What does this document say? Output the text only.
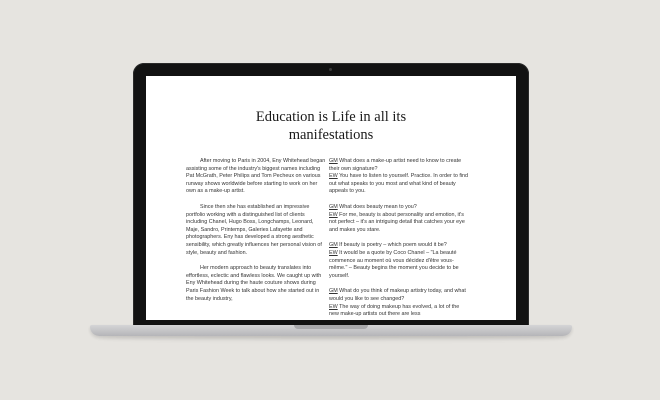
Education is Life in all its
manifestations

After moving to Paris in 2004, Eny Whitehead began assisting some of the industry's biggest names including Pat McGrath, Peter Philips and Tom Pecheux on various runway shows worldwide before starting to work on her own as a make-up artist.

Since then she has established an impressive portfolio working with a distinguished list of clients including Chanel, Hugo Boss, Longchamps, Leonard, Maje, Sandro, Printemps, Galeries Lafayette and photographers. Eny has developed a strong aesthetic sensibility, which greatly influences her personal vision of style, beauty and fashion.

Her modern approach to beauty translates into effortless, eclectic and flawless looks. We caught up with Eny Whitehead during the haute couture shows during Paris Fashion Week to talk about how she started out in the beauty industry,

GM What does a make-up artist need to know to create their own signature?
EW You have to listen to yourself. Practice. In order to find out what speaks to you most and what kind of beauty appeals to you.

GM What does beauty mean to you?
EW For me, beauty is about personality and emotion, it's not perfect – it's an intriguing detail that catches your eye and makes you stare.

GM If beauty is poetry – which poem would it be?
EW It would be a quote by Coco Chanel – "La beauté commence au moment où vous décidez d'être vous-même." – Beauty begins the moment you decide to be yourself.

GM What do you think of makeup artistry today, and what would you like to see changed?
EW The way of doing makeup has evolved, a lot of the new make-up artists out there are less
